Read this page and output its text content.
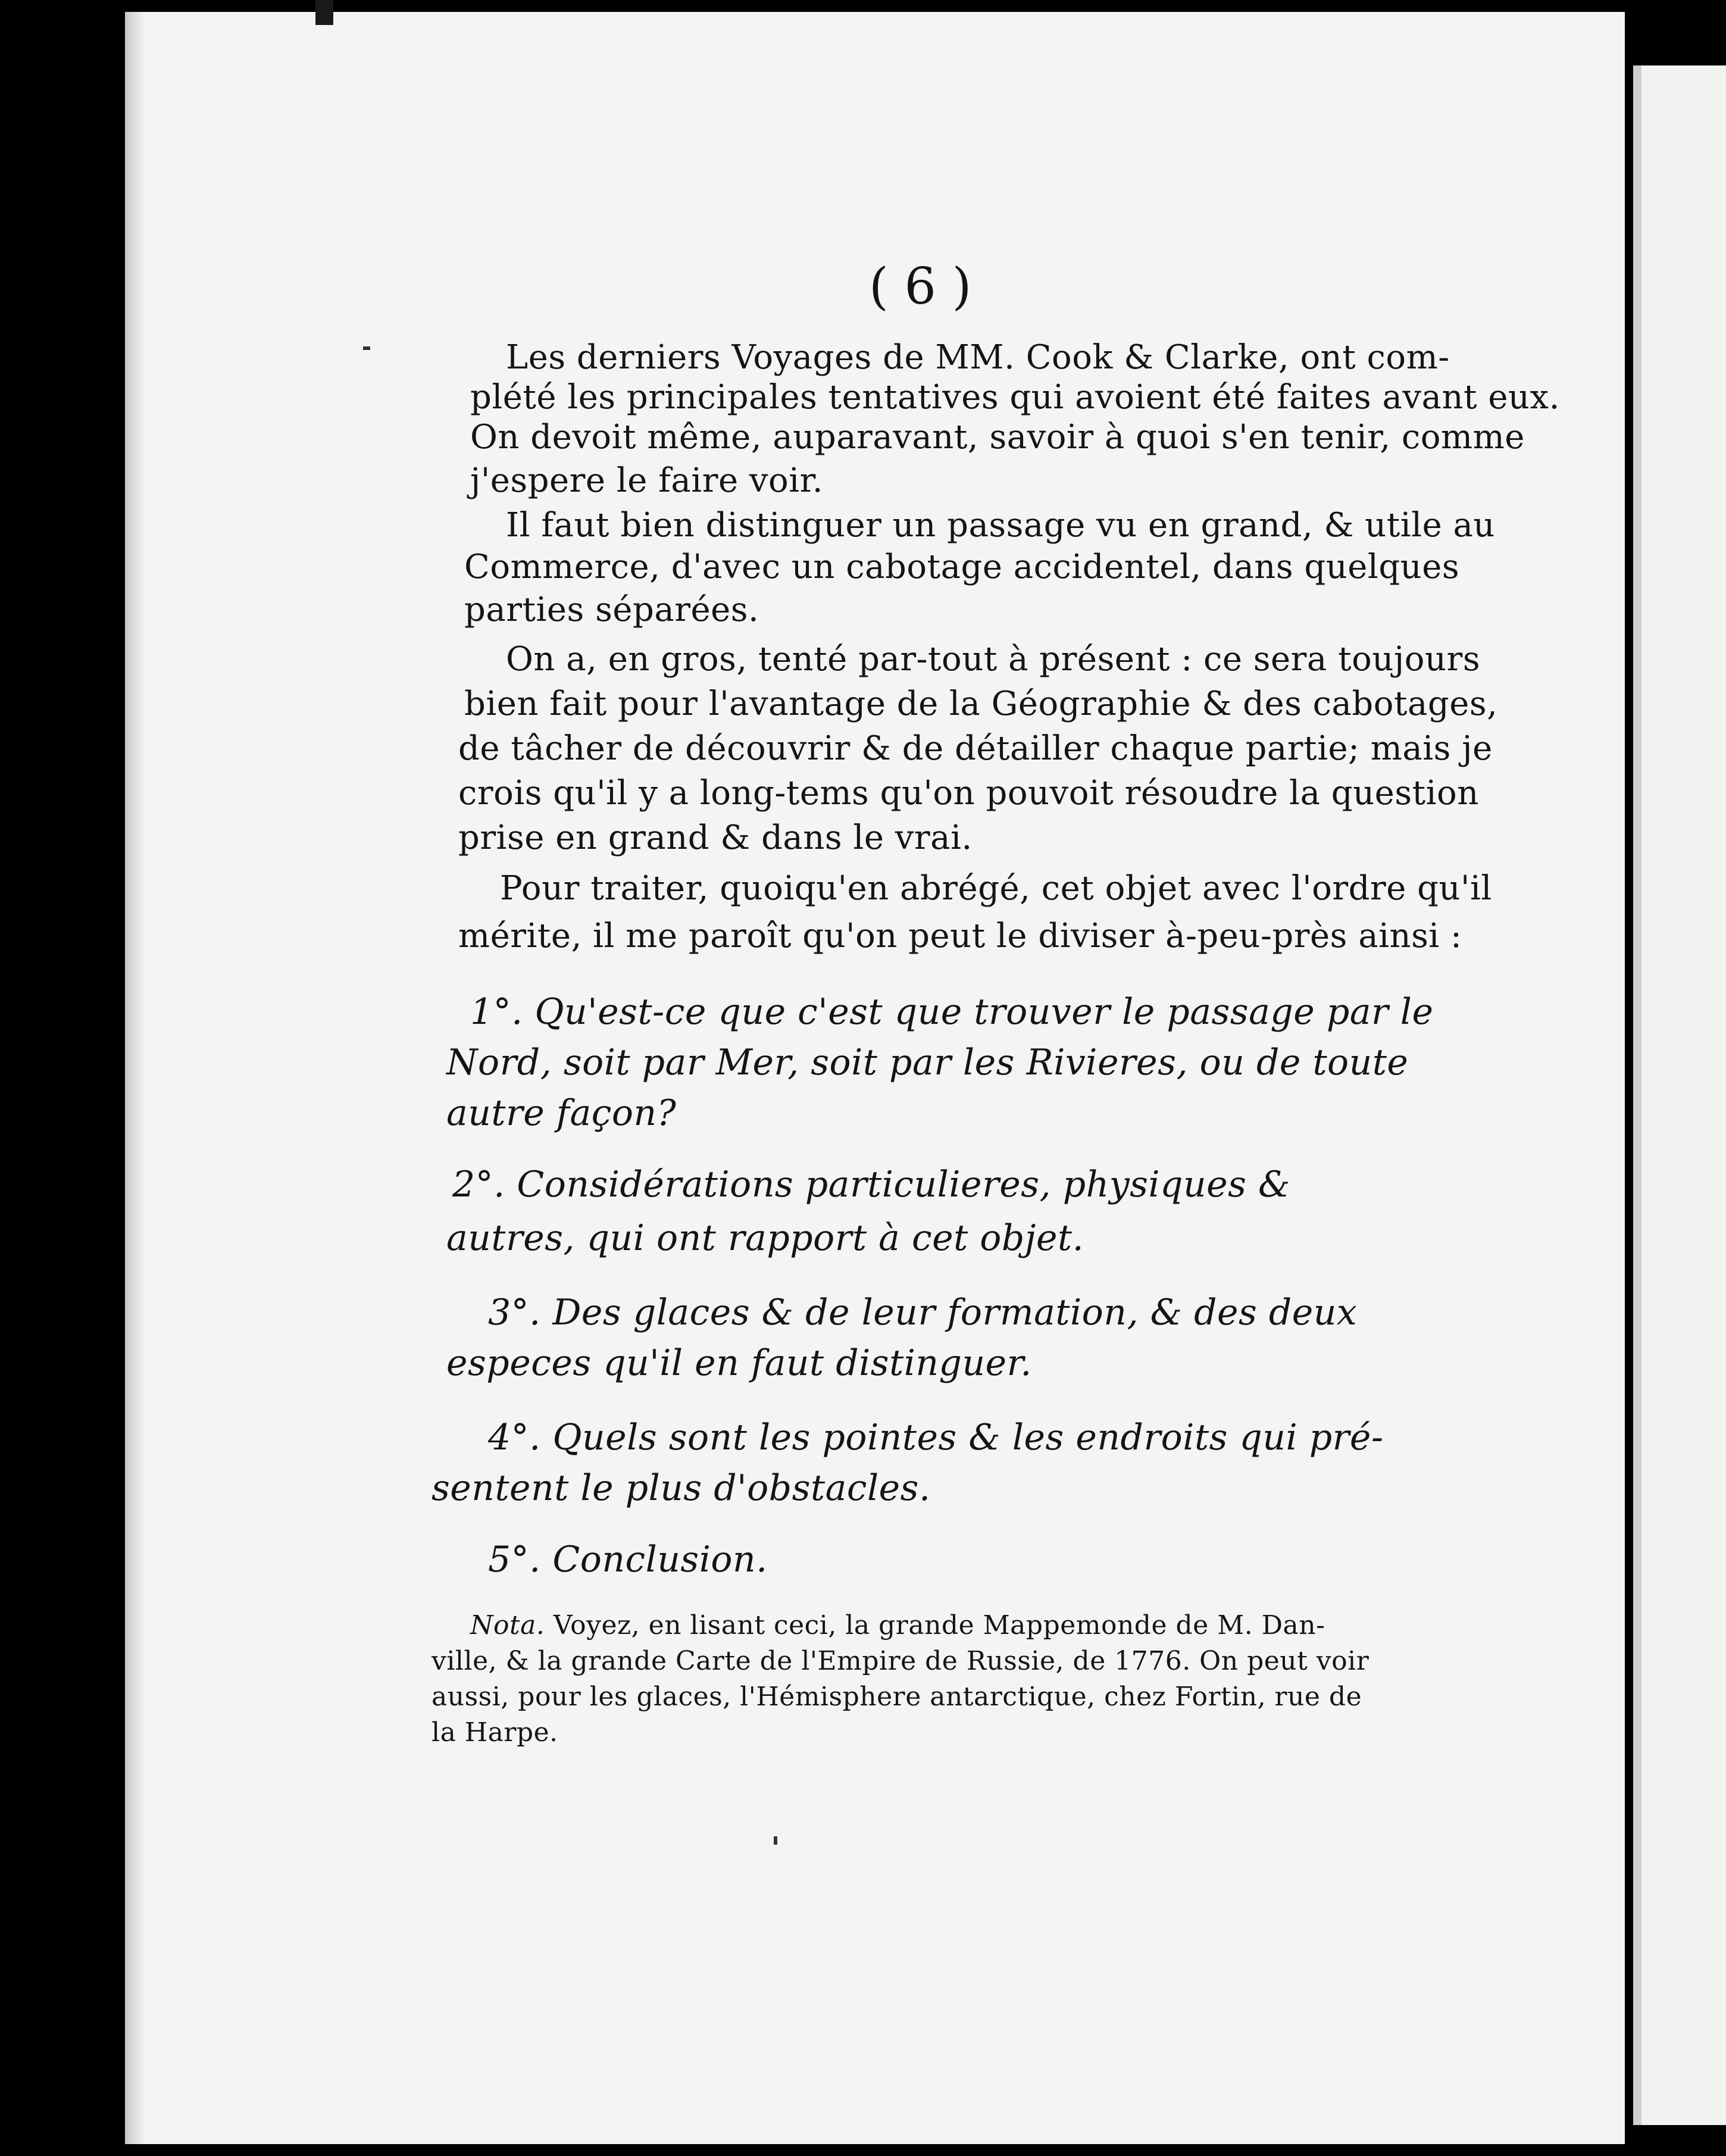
( 6 )
Les derniers Voyages de MM. Cook & Clarke, ont com-
plété les principales tentatives qui avoient été faites avant eux.
On devoit même, auparavant, savoir à quoi s'en tenir, comme
j'espere le faire voir.
Il faut bien distinguer un passage vu en grand, & utile au
Commerce, d'avec un cabotage accidentel, dans quelques
parties séparées.
On a, en gros, tenté par-tout à présent : ce sera toujours
bien fait pour l'avantage de la Géographie & des cabotages,
de tâcher de découvrir & de détailler chaque partie; mais je
crois qu'il y a long-tems qu'on pouvoit résoudre la question
prise en grand & dans le vrai.
Pour traiter, quoiqu'en abrégé, cet objet avec l'ordre qu'il
mérite, il me paroît qu'on peut le diviser à-peu-près ainsi :
1°. Qu'est-ce que c'est que trouver le passage par le
Nord, soit par Mer, soit par les Rivieres, ou de toute
autre façon?
2°. Considérations particulieres, physiques &
autres, qui ont rapport à cet objet.
3°. Des glaces & de leur formation, & des deux
especes qu'il en faut distinguer.
4°. Quels sont les pointes & les endroits qui pré-
sentent le plus d'obstacles.
5°. Conclusion.
Nota. Voyez, en lisant ceci, la grande Mappemonde de M. Dan-
ville, & la grande Carte de l'Empire de Russie, de 1776. On peut voir
aussi, pour les glaces, l'Hémisphere antarctique, chez Fortin, rue de
la Harpe.
